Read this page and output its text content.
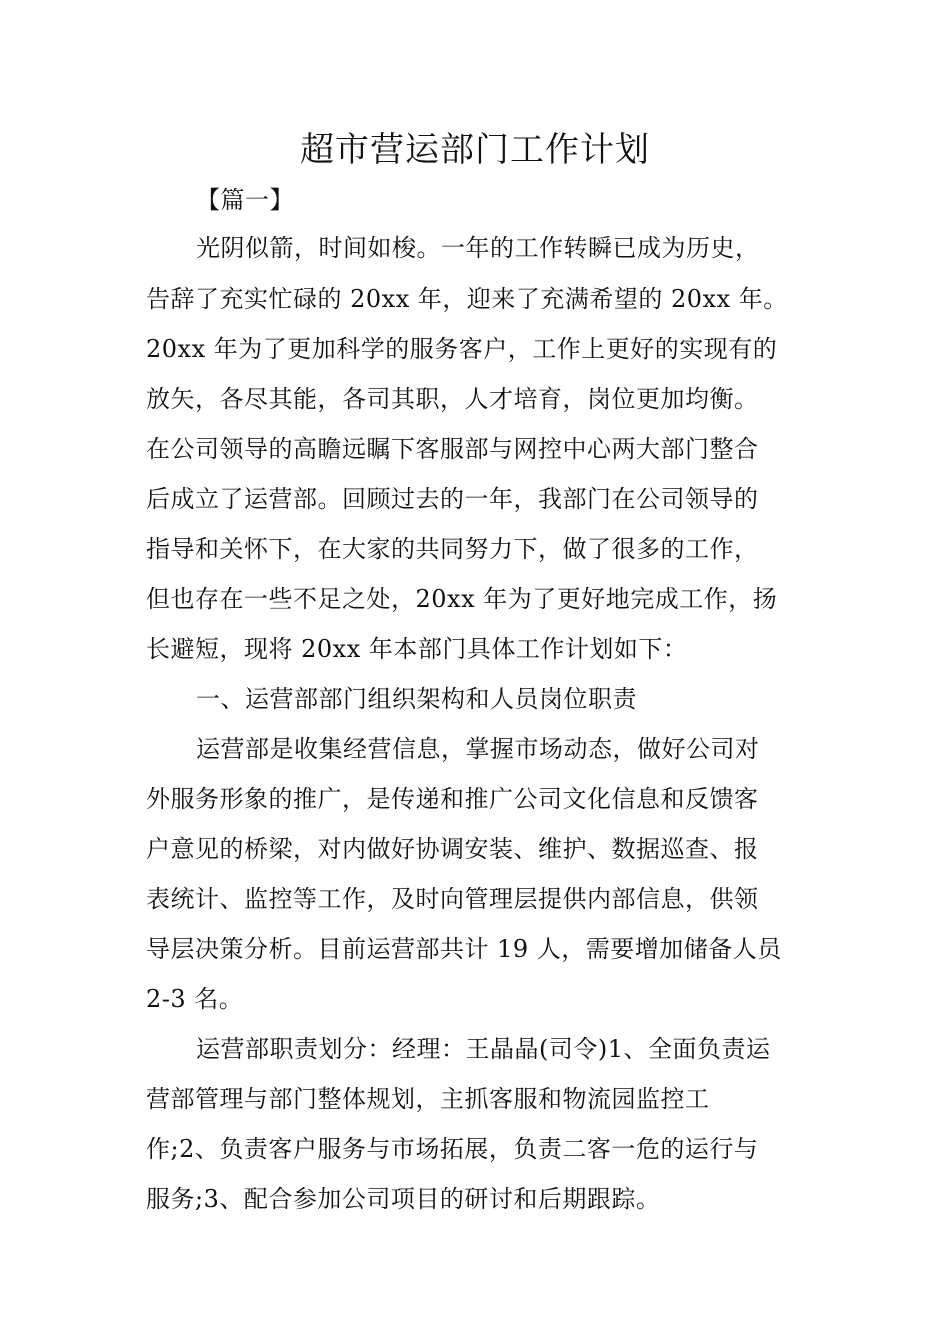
超市营运部门工作计划
【篇一】
光阴似箭，时间如梭。一年的工作转瞬已成为历史，
告辞了充实忙碌的 20xx 年，迎来了充满希望的 20xx 年。
20xx 年为了更加科学的服务客户，工作上更好的实现有的
放矢，各尽其能，各司其职，人才培育，岗位更加均衡。
在公司领导的高瞻远瞩下客服部与网控中心两大部门整合
后成立了运营部。回顾过去的一年，我部门在公司领导的
指导和关怀下，在大家的共同努力下，做了很多的工作，
但也存在一些不足之处，20xx 年为了更好地完成工作，扬
长避短，现将 20xx 年本部门具体工作计划如下：
一、运营部部门组织架构和人员岗位职责
运营部是收集经营信息，掌握市场动态，做好公司对
外服务形象的推广，是传递和推广公司文化信息和反馈客
户意见的桥梁，对内做好协调安装、维护、数据巡查、报
表统计、监控等工作，及时向管理层提供内部信息，供领
导层决策分析。目前运营部共计 19 人，需要增加储备人员
2-3 名。
运营部职责划分：经理：王晶晶(司令)1、全面负责运
营部管理与部门整体规划，主抓客服和物流园监控工
作;2、负责客户服务与市场拓展，负责二客一危的运行与
服务;3、配合参加公司项目的研讨和后期跟踪。
